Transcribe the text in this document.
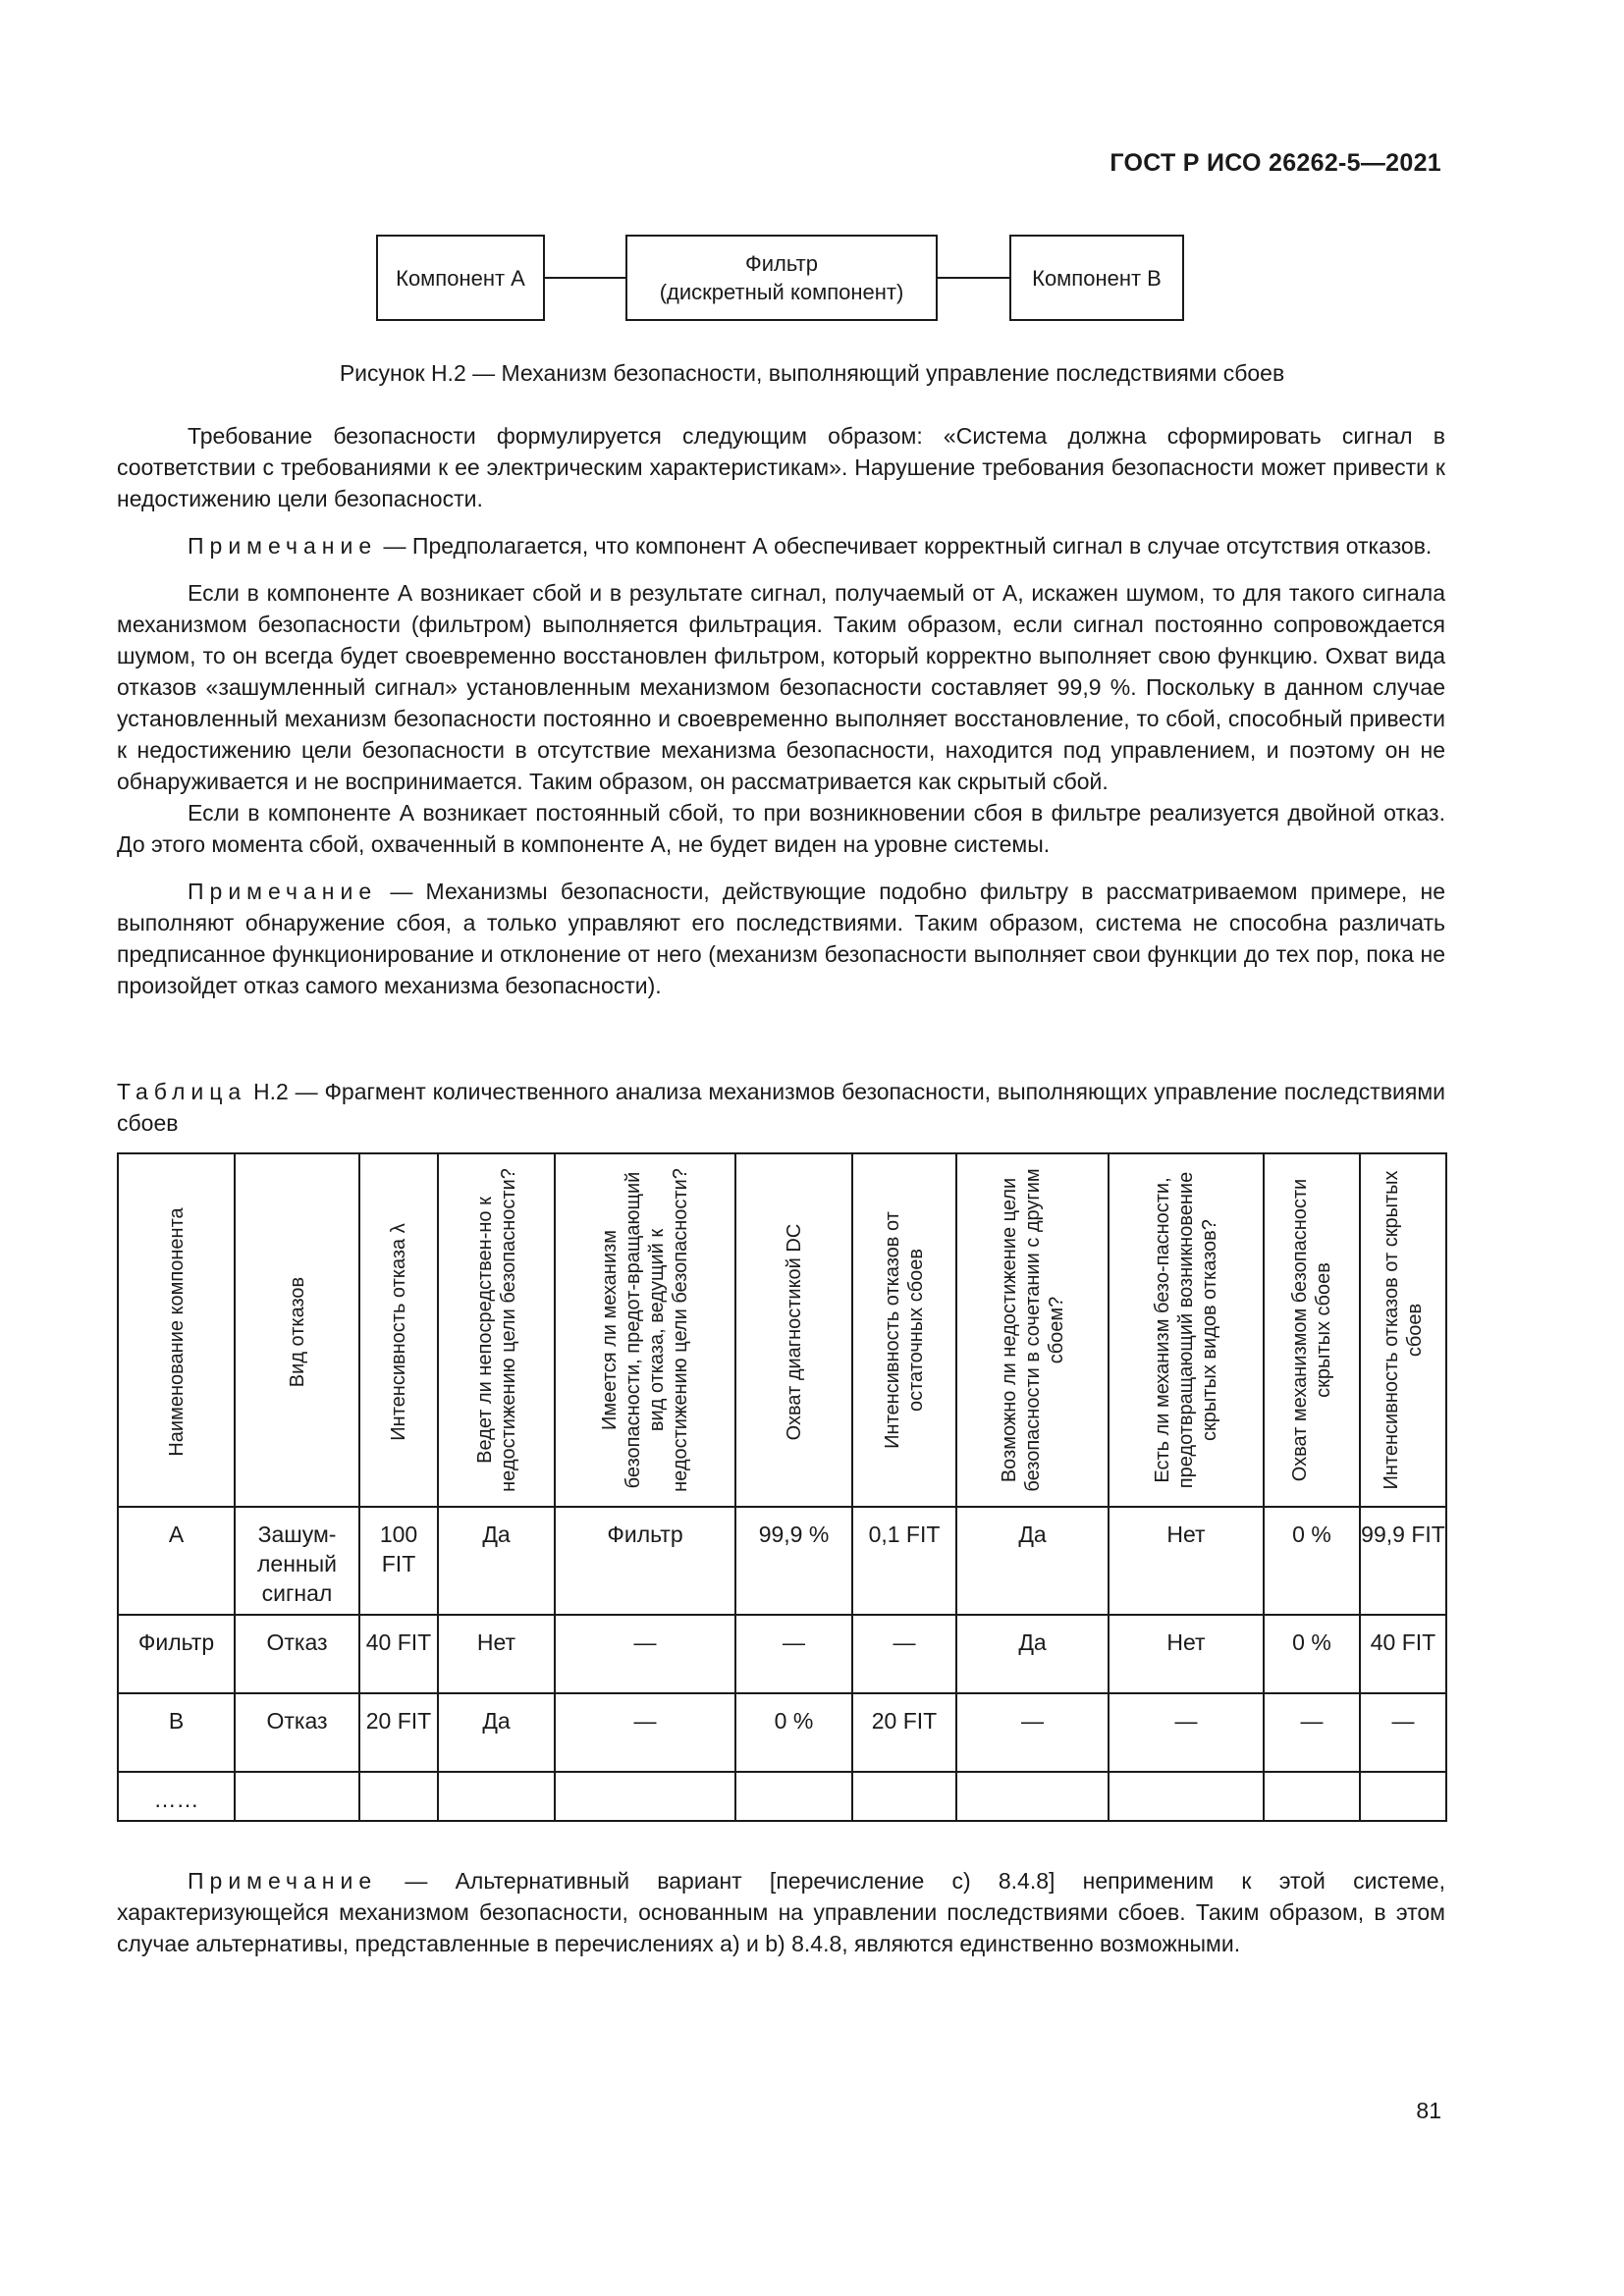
ГОСТ Р ИСО 26262-5—2021
Компонент А
Фильтр
(дискретный компонент)
Компонент В
Рисунок Н.2 — Механизм безопасности, выполняющий управление последствиями сбоев

Требование безопасности формулируется следующим образом: «Система должна сформировать сигнал в соответствии с требованиями к ее электрическим характеристикам». Нарушение требования безопасности может привести к недостижению цели безопасности.

Примечание — Предполагается, что компонент А обеспечивает корректный сигнал в случае отсутствия отказов.

Если в компоненте А возникает сбой и в результате сигнал, получаемый от А, искажен шумом, то для такого сигнала механизмом безопасности (фильтром) выполняется фильтрация. Таким образом, если сигнал постоянно сопровождается шумом, то он всегда будет своевременно восстановлен фильтром, который корректно выполняет свою функцию. Охват вида отказов «зашумленный сигнал» установленным механизмом безопасности составляет 99,9 %. Поскольку в данном случае установленный механизм безопасности постоянно и своевременно выполняет восстановление, то сбой, способный привести к недостижению цели безопасности в отсутствие механизма безопасности, находится под управлением, и поэтому он не обнаруживается и не воспринимается. Таким образом, он рассматривается как скрытый сбой.

Если в компоненте А возникает постоянный сбой, то при возникновении сбоя в фильтре реализуется двойной отказ. До этого момента сбой, охваченный в компоненте А, не будет виден на уровне системы.

Примечание — Механизмы безопасности, действующие подобно фильтру в рассматриваемом примере, не выполняют обнаружение сбоя, а только управляют его последствиями. Таким образом, система не способна различать предписанное функционирование и отклонение от него (механизм безопасности выполняет свои функции до тех пор, пока не произойдет отказ самого механизма безопасности).

Таблица Н.2 — Фрагмент количественного анализа механизмов безопасности, выполняющих управление последствиями сбоев
Наименование компонента	Вид отказов	Интенсивность отказа λ	Ведет ли непосредствен-но к недостижению цели безопасности?	Имеется ли механизм безопасности, предот-вращающий вид отказа, ведущий к недостижению цели безопасности?	Охват диагностикой DC	Интенсивность отказов от остаточных сбоев	Возможно ли недостижение цели безопасности в сочетании с другим сбоем?	Есть ли механизм безо-пасности, предотвращающий возникновение скрытых видов отказов?	Охват механизмом безопасности скрытых сбоев	Интенсивность отказов от скрытых сбоев
А	Зашум-ленный сигнал	100 FIT	Да	Фильтр	99,9 %	0,1 FIT	Да	Нет	0 %	99,9 FIT
Фильтр	Отказ	40 FIT	Нет	—	—	—	Да	Нет	0 %	40 FIT
В	Отказ	20 FIT	Да	—	0 %	20 FIT	—	—	—	—
……										

Примечание — Альтернативный вариант [перечисление с) 8.4.8] неприменим к этой системе, характеризующейся механизмом безопасности, основанным на управлении последствиями сбоев. Таким образом, в этом случае альтернативы, представленные в перечислениях а) и b) 8.4.8, являются единственно возможными.

81
